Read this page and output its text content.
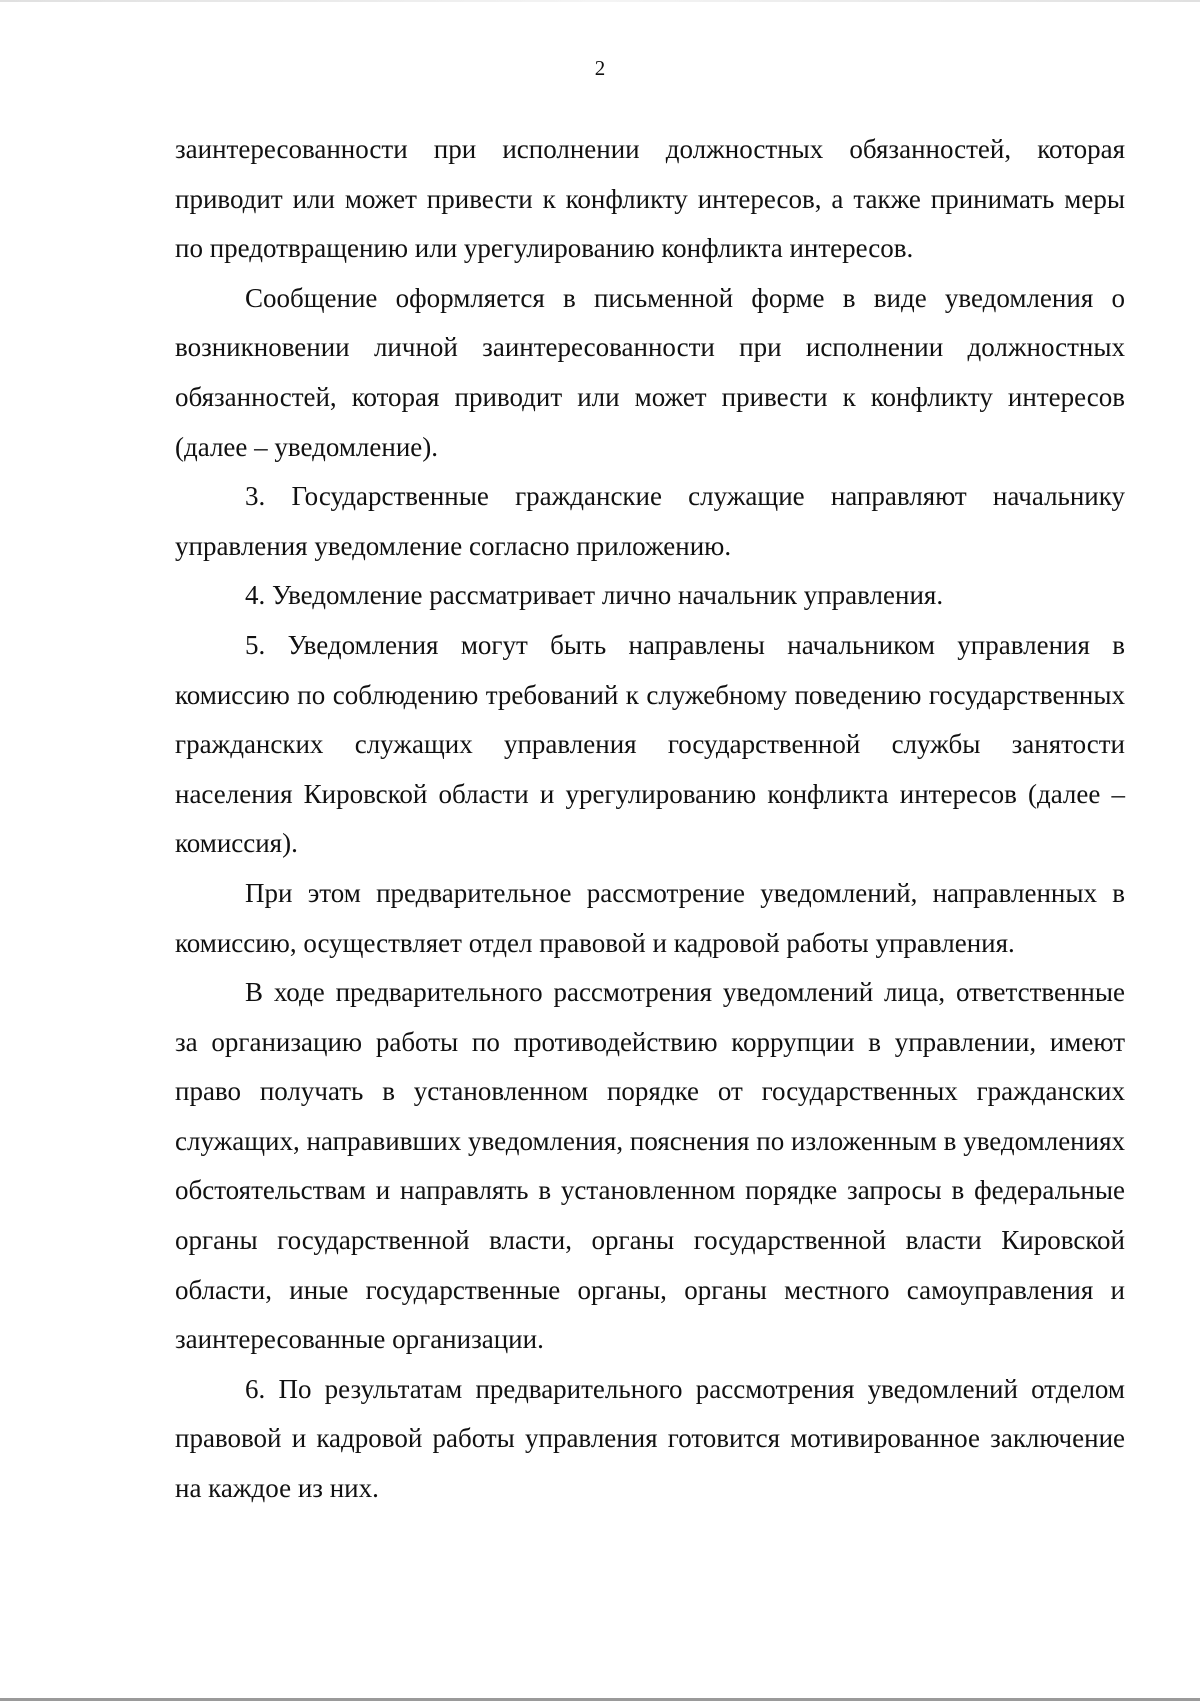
2

заинтересованности при исполнении должностных обязанностей, которая приводит или может привести к конфликту интересов, а также принимать меры по предотвращению или урегулированию конфликта интересов.

Сообщение оформляется в письменной форме в виде уведомления о возникновении личной заинтересованности при исполнении должностных обязанностей, которая приводит или может привести к конфликту интересов (далее – уведомление).

3. Государственные гражданские служащие направляют начальнику управления уведомление согласно приложению.

4. Уведомление рассматривает лично начальник управления.

5. Уведомления могут быть направлены начальником управления в комиссию по соблюдению требований к служебному поведению государственных гражданских служащих управления государственной службы занятости населения Кировской области и урегулированию конфликта интересов (далее – комиссия).

При этом предварительное рассмотрение уведомлений, направленных в комиссию, осуществляет отдел правовой и кадровой работы управления.

В ходе предварительного рассмотрения уведомлений лица, ответственные за организацию работы по противодействию коррупции в управлении, имеют право получать в установленном порядке от государственных гражданских служащих, направивших уведомления, пояснения по изложенным в уведомлениях обстоятельствам и направлять в установленном порядке запросы в федеральные органы государственной власти, органы государственной власти Кировской области, иные государственные органы, органы местного самоуправления и заинтересованные организации.

6. По результатам предварительного рассмотрения уведомлений отделом правовой и кадровой работы управления готовится мотивированное заключение на каждое из них.
